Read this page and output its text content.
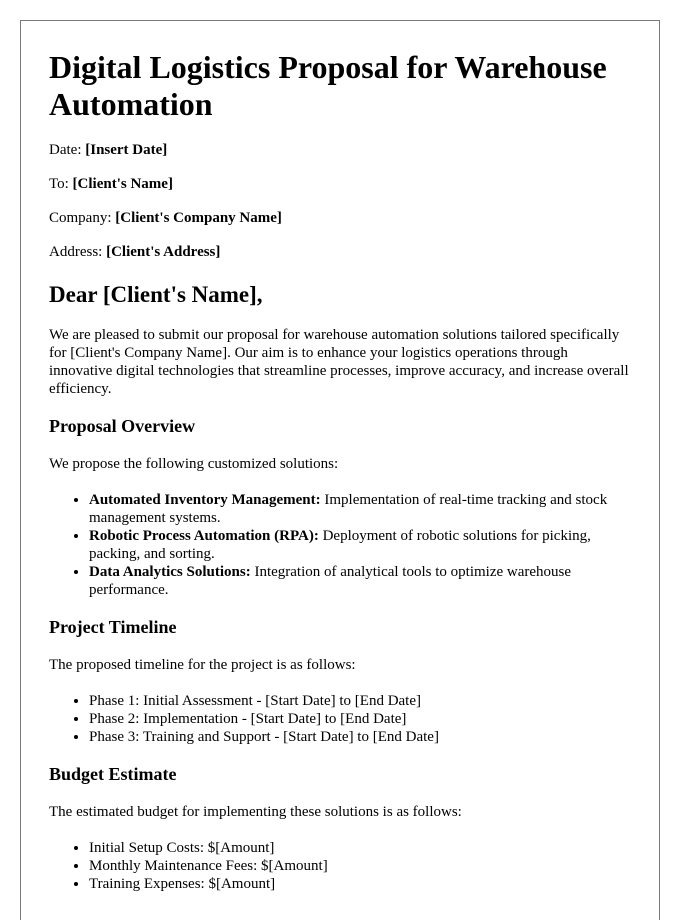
Digital Logistics Proposal for Warehouse Automation
Date: [Insert Date]
To: [Client's Name]
Company: [Client's Company Name]
Address: [Client's Address]
Dear [Client's Name],

We are pleased to submit our proposal for warehouse automation solutions tailored specifically for [Client's Company Name]. Our aim is to enhance your logistics operations through innovative digital technologies that streamline processes, improve accuracy, and increase overall efficiency.

Proposal Overview

We propose the following customized solutions:

• Automated Inventory Management: Implementation of real-time tracking and stock management systems.
• Robotic Process Automation (RPA): Deployment of robotic solutions for picking, packing, and sorting.
• Data Analytics Solutions: Integration of analytical tools to optimize warehouse performance.
Project Timeline

The proposed timeline for the project is as follows:

• Phase 1: Initial Assessment - [Start Date] to [End Date]
• Phase 2: Implementation - [Start Date] to [End Date]
• Phase 3: Training and Support - [Start Date] to [End Date]
Budget Estimate

The estimated budget for implementing these solutions is as follows:

• Initial Setup Costs: $[Amount]
• Monthly Maintenance Fees: $[Amount]
• Training Expenses: $[Amount]
